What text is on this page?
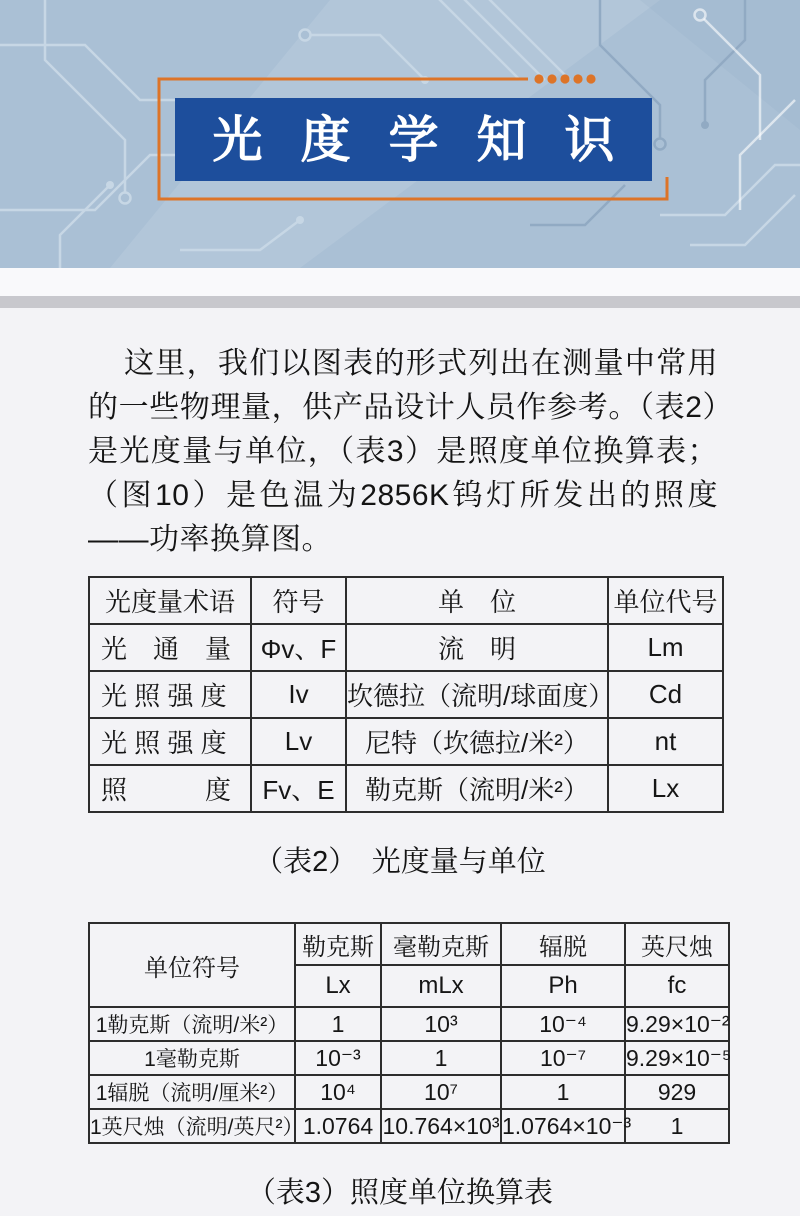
光度学知识

这里，我们以图表的形式列出在测量中常用的一些物理量，供产品设计人员作参考。（表2）是光度量与单位，（表3）是照度单位换算表；（图10）是色温为2856K钨灯所发出的照度——功率换算图。

光度量术语	符号	单　位	单位代号
光　通　量	Φv、F	流　明	Lm
光 照 强 度	Iv	坎德拉（流明/球面度）	Cd
光 照 强 度	Lv	尼特（坎德拉/米²）	nt
照　　　度	Fv、E	勒克斯（流明/米²）	Lx

（表2）　光度量与单位

单位符号	勒克斯	毫勒克斯	辐脱	英尺烛
	Lx	mLx	Ph	fc
1勒克斯（流明/米²）	1	10³	10⁻⁴	9.29×10⁻²
1毫勒克斯	10⁻³	1	10⁻⁷	9.29×10⁻⁵
1辐脱（流明/厘米²）	10⁴	10⁷	1	929
1英尺烛（流明/英尺²）	1.0764	10.764×10³	1.0764×10⁻³	1

（表3）照度单位换算表
